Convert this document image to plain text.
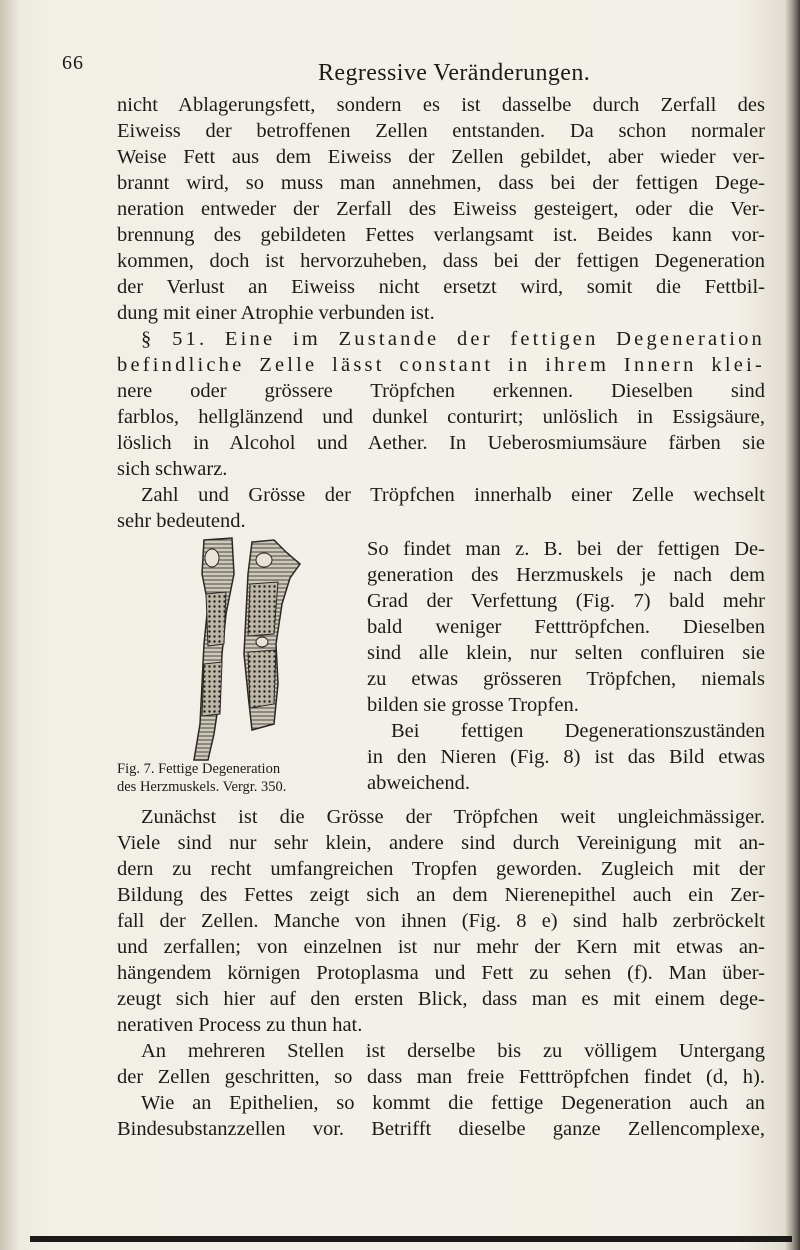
66	Regressive Veränderungen.
nicht Ablagerungsfett, sondern es ist dasselbe durch Zerfall des
Eiweiss der betroffenen Zellen entstanden. Da schon normaler
Weise Fett aus dem Eiweiss der Zellen gebildet, aber wieder ver-
brannt wird, so muss man annehmen, dass bei der fettigen Dege-
neration entweder der Zerfall des Eiweiss gesteigert, oder die Ver-
brennung des gebildeten Fettes verlangsamt ist. Beides kann vor-
kommen, doch ist hervorzuheben, dass bei der fettigen Degeneration
der Verlust an Eiweiss nicht ersetzt wird, somit die Fettbil-
dung mit einer Atrophie verbunden ist.
§ 51. Eine im Zustande der fettigen Degeneration
befindliche Zelle lässt constant in ihrem Innern klei-
nere oder grössere Tröpfchen erkennen. Dieselben sind
farblos, hellglänzend und dunkel conturirt; unlöslich in Essigsäure,
löslich in Alcohol und Aether. In Ueberosmiumsäure färben sie
sich schwarz.
Zahl und Grösse der Tröpfchen innerhalb einer Zelle wechselt
sehr bedeutend.
So findet man z. B. bei der fettigen De-
generation des Herzmuskels je nach dem
Grad der Verfettung (Fig. 7) bald mehr
bald weniger Fetttröpfchen. Dieselben
sind alle klein, nur selten confluiren sie
zu etwas grösseren Tröpfchen, niemals
bilden sie grosse Tropfen.
Bei fettigen Degenerationszuständen
in den Nieren (Fig. 8) ist das Bild etwas
abweichend.
Fig. 7. Fettige Degeneration
des Herzmuskels. Vergr. 350.
Zunächst ist die Grösse der Tröpfchen weit ungleichmässiger.
Viele sind nur sehr klein, andere sind durch Vereinigung mit an-
dern zu recht umfangreichen Tropfen geworden. Zugleich mit der
Bildung des Fettes zeigt sich an dem Nierenepithel auch ein Zer-
fall der Zellen. Manche von ihnen (Fig. 8 e) sind halb zerbröckelt
und zerfallen; von einzelnen ist nur mehr der Kern mit etwas an-
hängendem körnigen Protoplasma und Fett zu sehen (f). Man über-
zeugt sich hier auf den ersten Blick, dass man es mit einem dege-
nerativen Process zu thun hat.
An mehreren Stellen ist derselbe bis zu völligem Untergang
der Zellen geschritten, so dass man freie Fetttröpfchen findet (d, h).
Wie an Epithelien, so kommt die fettige Degeneration auch an
Bindesubstanzzellen vor. Betrifft dieselbe ganze Zellencomplexe,
